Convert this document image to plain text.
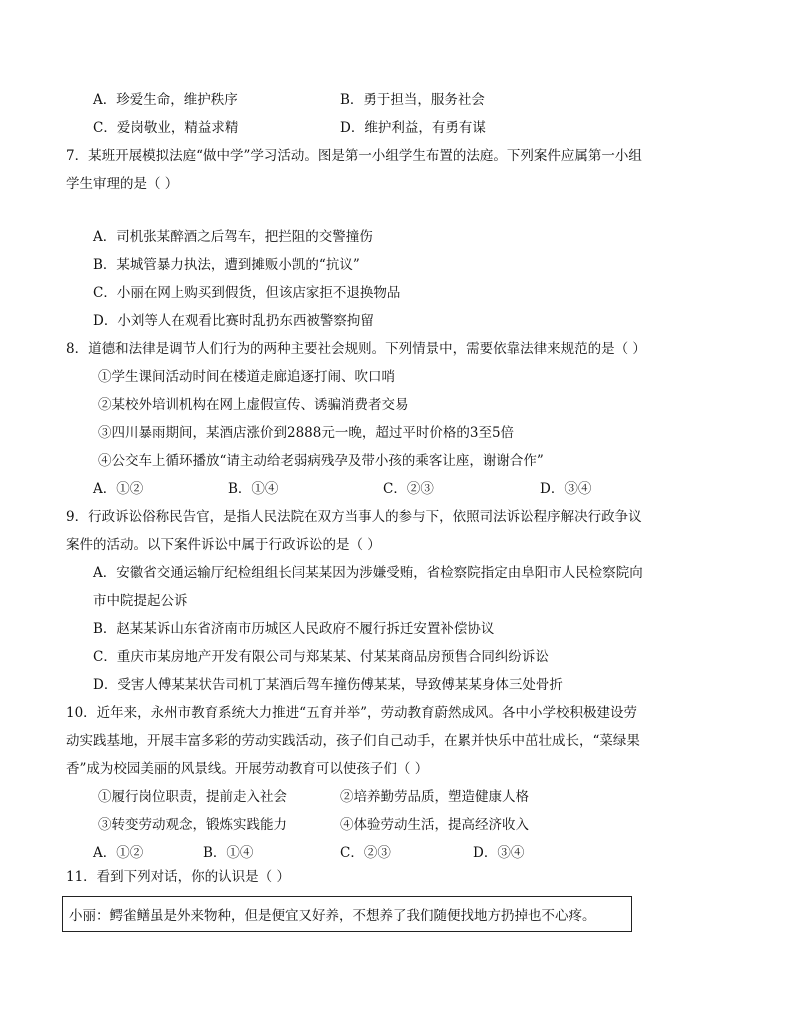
A．珍爱生命，维护秩序	B．勇于担当，服务社会
C．爱岗敬业，精益求精	D．维护利益，有勇有谋
7．某班开展模拟法庭“做中学”学习活动。图是第一小组学生布置的法庭。下列案件应属第一小组
学生审理的是（ ）
A．司机张某醉酒之后驾车，把拦阻的交警撞伤
B．某城管暴力执法，遭到摊贩小凯的“抗议”
C．小丽在网上购买到假货，但该店家拒不退换物品
D．小刘等人在观看比赛时乱扔东西被警察拘留
8．道德和法律是调节人们行为的两种主要社会规则。下列情景中，需要依靠法律来规范的是（ ）
①学生课间活动时间在楼道走廊追逐打闹、吹口哨
②某校外培训机构在网上虚假宣传、诱骗消费者交易
③四川暴雨期间，某酒店涨价到2888元一晚，超过平时价格的3至5倍
④公交车上循环播放“请主动给老弱病残孕及带小孩的乘客让座，谢谢合作”
A．①②	B．①④	C．②③	D．③④
9．行政诉讼俗称民告官，是指人民法院在双方当事人的参与下，依照司法诉讼程序解决行政争议
案件的活动。以下案件诉讼中属于行政诉讼的是（ ）
A．安徽省交通运输厅纪检组组长闫某某因为涉嫌受贿，省检察院指定由阜阳市人民检察院向
市中院提起公诉
B．赵某某诉山东省济南市历城区人民政府不履行拆迁安置补偿协议
C．重庆市某房地产开发有限公司与郑某某、付某某商品房预售合同纠纷诉讼
D．受害人傅某某状告司机丁某酒后驾车撞伤傅某某，导致傅某某身体三处骨折
10．近年来，永州市教育系统大力推进“五育并举”，劳动教育蔚然成风。各中小学校积极建设劳
动实践基地，开展丰富多彩的劳动实践活动，孩子们自己动手，在累并快乐中茁壮成长，“菜绿果
香”成为校园美丽的风景线。开展劳动教育可以使孩子们（ ）
①履行岗位职责，提前走入社会	②培养勤劳品质，塑造健康人格
③转变劳动观念，锻炼实践能力	④体验劳动生活，提高经济收入
A．①②	B．①④	C．②③	D．③④
11．看到下列对话，你的认识是（ ）
小丽：鳄雀鳝虽是外来物种，但是便宜又好养，不想养了我们随便找地方扔掉也不心疼。
